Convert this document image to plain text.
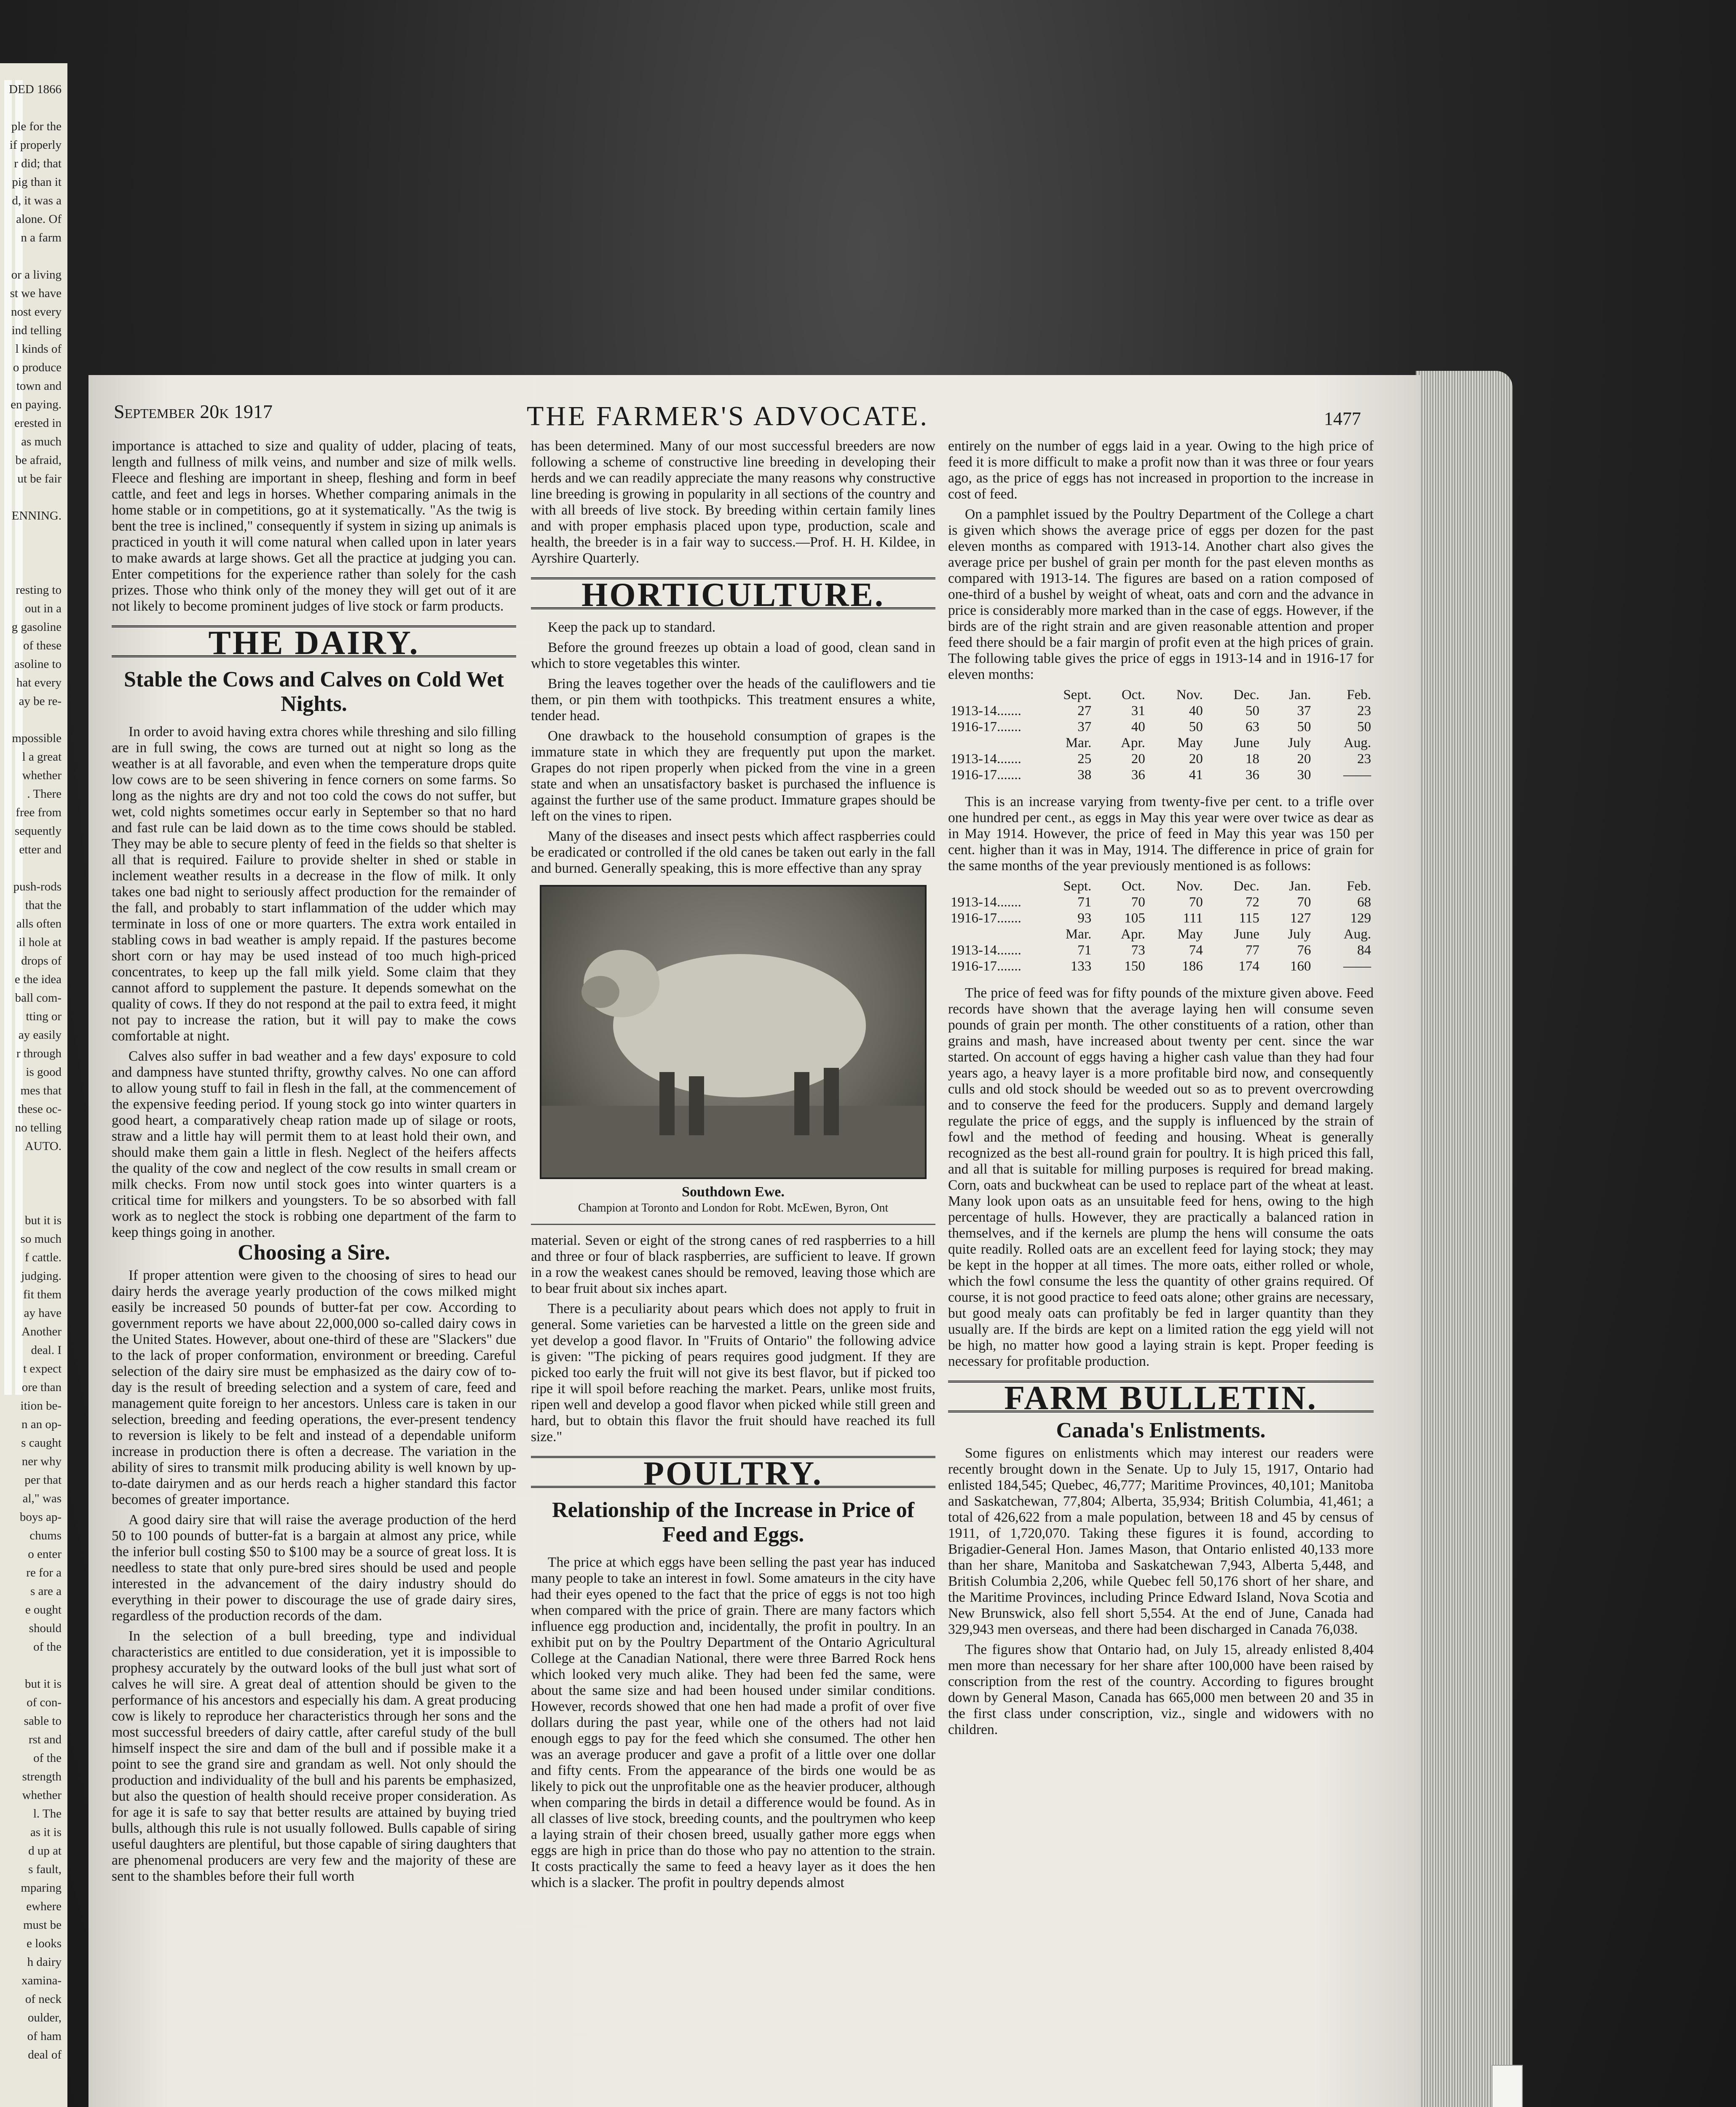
DED 1866

ple for the
if properly
r did; that
pig than it
d, it was a
alone. Of
n a farm

or a living
st we have
nost every
ind telling
l kinds of
o produce
town and
en paying.
erested in
as much
be afraid,
ut be fair

ENNING.

resting to
out in a
g gasoline
of these
asoline to
hat every
ay be re-

mpossible
l a great
whether
. There
free from
sequently
etter and

push-rods
that the
alls often
il hole at
drops of
e the idea
ball com-
tting or
ay easily
r through
is good
mes that
these oc-
no telling
AUTO.

but it is
so much
f cattle.
judging.
fit them
ay have
Another
deal. I
t expect
ore than
ition be-
n an op-
s caught
ner why
per that
al," was
boys ap-
chums
o enter
re for a
s are a
e ought
should
of the

but it is
of con-
sable to
rst and
of the
strength
whether
l. The
as it is
d up at
s fault,
mparing
ewhere
must be
e looks
h dairy
xamina-
of neck
oulder,
of ham
deal of
September 20k 1917	THE FARMER'S ADVOCATE.	1477

importance is attached to size and quality of udder, placing of teats, length and fullness of milk veins, and number and size of milk wells. Fleece and fleshing are important in sheep, fleshing and form in beef cattle, and feet and legs in horses. Whether comparing animals in the home stable or in competitions, go at it systematically. "As the twig is bent the tree is inclined," consequently if system in sizing up animals is practiced in youth it will come natural when called upon in later years to make awards at large shows. Get all the practice at judging you can. Enter competitions for the experience rather than solely for the cash prizes. Those who think only of the money they will get out of it are not likely to become prominent judges of live stock or farm products.

THE DAIRY.
Stable the Cows and Calves on Cold Wet Nights.

In order to avoid having extra chores while threshing and silo filling are in full swing, the cows are turned out at night so long as the weather is at all favorable, and even when the temperature drops quite low cows are to be seen shivering in fence corners on some farms. So long as the nights are dry and not too cold the cows do not suffer, but wet, cold nights sometimes occur early in September so that no hard and fast rule can be laid down as to the time cows should be stabled. They may be able to secure plenty of feed in the fields so that shelter is all that is required. Failure to provide shelter in shed or stable in inclement weather results in a decrease in the flow of milk. It only takes one bad night to seriously affect production for the remainder of the fall, and probably to start inflammation of the udder which may terminate in loss of one or more quarters. The extra work entailed in stabling cows in bad weather is amply repaid. If the pastures become short corn or hay may be used instead of too much high-priced concentrates, to keep up the fall milk yield. Some claim that they cannot afford to supplement the pasture. It depends somewhat on the quality of cows. If they do not respond at the pail to extra feed, it might not pay to increase the ration, but it will pay to make the cows comfortable at night.

Calves also suffer in bad weather and a few days' exposure to cold and dampness have stunted thrifty, growthy calves. No one can afford to allow young stuff to fail in flesh in the fall, at the commencement of the expensive feeding period. If young stock go into winter quarters in good heart, a comparatively cheap ration made up of silage or roots, straw and a little hay will permit them to at least hold their own, and should make them gain a little in flesh. Neglect of the heifers affects the quality of the cow and neglect of the cow results in small cream or milk checks. From now until stock goes into winter quarters is a critical time for milkers and youngsters. To be so absorbed with fall work as to neglect the stock is robbing one department of the farm to keep things going in another.

Choosing a Sire.

If proper attention were given to the choosing of sires to head our dairy herds the average yearly production of the cows milked might easily be increased 50 pounds of butter-fat per cow. According to government reports we have about 22,000,000 so-called dairy cows in the United States. However, about one-third of these are "Slackers" due to the lack of proper conformation, environment or breeding. Careful selection of the dairy sire must be emphasized as the dairy cow of to-day is the result of breeding selection and a system of care, feed and management quite foreign to her ancestors. Unless care is taken in our selection, breeding and feeding operations, the ever-present tendency to reversion is likely to be felt and instead of a dependable uniform increase in production there is often a decrease. The variation in the ability of sires to transmit milk producing ability is well known by up-to-date dairymen and as our herds reach a higher standard this factor becomes of greater importance.

A good dairy sire that will raise the average production of the herd 50 to 100 pounds of butter-fat is a bargain at almost any price, while the inferior bull costing $50 to $100 may be a source of great loss. It is needless to state that only pure-bred sires should be used and people interested in the advancement of the dairy industry should do everything in their power to discourage the use of grade dairy sires, regardless of the production records of the dam.

In the selection of a bull breeding, type and individual characteristics are entitled to due consideration, yet it is impossible to prophesy accurately by the outward looks of the bull just what sort of calves he will sire. A great deal of attention should be given to the performance of his ancestors and especially his dam. A great producing cow is likely to reproduce her characteristics through her sons and the most successful breeders of dairy cattle, after careful study of the bull himself inspect the sire and dam of the bull and if possible make it a point to see the grand sire and grandam as well. Not only should the production and individuality of the bull and his parents be emphasized, but also the question of health should receive proper consideration. As for age it is safe to say that better results are attained by buying tried bulls, although this rule is not usually followed. Bulls capable of siring useful daughters are plentiful, but those capable of siring daughters that are phenomenal producers are very few and the majority of these are sent to the shambles before their full worth

has been determined. Many of our most successful breeders are now following a scheme of constructive line breeding in developing their herds and we can readily appreciate the many reasons why constructive line breeding is growing in popularity in all sections of the country and with all breeds of live stock. By breeding within certain family lines and with proper emphasis placed upon type, production, scale and health, the breeder is in a fair way to success.—Prof. H. H. Kildee, in Ayrshire Quarterly.

HORTICULTURE.

Keep the pack up to standard.

Before the ground freezes up obtain a load of good, clean sand in which to store vegetables this winter.

Bring the leaves together over the heads of the cauliflowers and tie them, or pin them with toothpicks. This treatment ensures a white, tender head.

One drawback to the household consumption of grapes is the immature state in which they are frequently put upon the market. Grapes do not ripen properly when picked from the vine in a green state and when an unsatisfactory basket is purchased the influence is against the further use of the same product. Immature grapes should be left on the vines to ripen.

Many of the diseases and insect pests which affect raspberries could be eradicated or controlled if the old canes be taken out early in the fall and burned. Generally speaking, this is more effective than any spray

Southdown Ewe.
Champion at Toronto and London for Robt. McEwen, Byron, Ont

material. Seven or eight of the strong canes of red raspberries to a hill and three or four of black raspberries, are sufficient to leave. If grown in a row the weakest canes should be removed, leaving those which are to bear fruit about six inches apart.

There is a peculiarity about pears which does not apply to fruit in general. Some varieties can be harvested a little on the green side and yet develop a good flavor. In "Fruits of Ontario" the following advice is given: "The picking of pears requires good judgment. If they are picked too early the fruit will not give its best flavor, but if picked too ripe it will spoil before reaching the market. Pears, unlike most fruits, ripen well and develop a good flavor when picked while still green and hard, but to obtain this flavor the fruit should have reached its full size."

POULTRY.
Relationship of the Increase in Price of Feed and Eggs.

The price at which eggs have been selling the past year has induced many people to take an interest in fowl. Some amateurs in the city have had their eyes opened to the fact that the price of eggs is not too high when compared with the price of grain. There are many factors which influence egg production and, incidentally, the profit in poultry. In an exhibit put on by the Poultry Department of the Ontario Agricultural College at the Canadian National, there were three Barred Rock hens which looked very much alike. They had been fed the same, were about the same size and had been housed under similar conditions. However, records showed that one hen had made a profit of over five dollars during the past year, while one of the others had not laid enough eggs to pay for the feed which she consumed. The other hen was an average producer and gave a profit of a little over one dollar and fifty cents. From the appearance of the birds one would be as likely to pick out the unprofitable one as the heavier producer, although when comparing the birds in detail a difference would be found. As in all classes of live stock, breeding counts, and the poultrymen who keep a laying strain of their chosen breed, usually gather more eggs when eggs are high in price than do those who pay no attention to the strain. It costs practically the same to feed a heavy layer as it does the hen which is a slacker. The profit in poultry depends almost

entirely on the number of eggs laid in a year. Owing to the high price of feed it is more difficult to make a profit now than it was three or four years ago, as the price of eggs has not increased in proportion to the increase in cost of feed.

On a pamphlet issued by the Poultry Department of the College a chart is given which shows the average price of eggs per dozen for the past eleven months as compared with 1913-14. Another chart also gives the average price per bushel of grain per month for the past eleven months as compared with 1913-14. The figures are based on a ration composed of one-third of a bushel by weight of wheat, oats and corn and the advance in price is considerably more marked than in the case of eggs. However, if the birds are of the right strain and are given reasonable attention and proper feed there should be a fair margin of profit even at the high prices of grain. The following table gives the price of eggs in 1913-14 and in 1916-17 for eleven months:

	Sept.	Oct.	Nov.	Dec.	Jan.	Feb.
1913-14.......	27	31	40	50	37	23
1916-17.......	37	40	50	63	50	50
	Mar.	Apr.	May	June	July	Aug.
1913-14.......	25	20	20	18	20	23
1916-17.......	38	36	41	36	30	——

This is an increase varying from twenty-five per cent. to a trifle over one hundred per cent., as eggs in May this year were over twice as dear as in May 1914. However, the price of feed in May this year was 150 per cent. higher than it was in May, 1914. The difference in price of grain for the same months of the year previously mentioned is as follows:

	Sept.	Oct.	Nov.	Dec.	Jan.	Feb.
1913-14.......	71	70	70	72	70	68
1916-17.......	93	105	111	115	127	129
	Mar.	Apr.	May	June	July	Aug.
1913-14.......	71	73	74	77	76	84
1916-17.......	133	150	186	174	160	——

The price of feed was for fifty pounds of the mixture given above. Feed records have shown that the average laying hen will consume seven pounds of grain per month. The other constituents of a ration, other than grains and mash, have increased about twenty per cent. since the war started. On account of eggs having a higher cash value than they had four years ago, a heavy layer is a more profitable bird now, and consequently culls and old stock should be weeded out so as to prevent overcrowding and to conserve the feed for the producers. Supply and demand largely regulate the price of eggs, and the supply is influenced by the strain of fowl and the method of feeding and housing. Wheat is generally recognized as the best all-round grain for poultry. It is high priced this fall, and all that is suitable for milling purposes is required for bread making. Corn, oats and buckwheat can be used to replace part of the wheat at least. Many look upon oats as an unsuitable feed for hens, owing to the high percentage of hulls. However, they are practically a balanced ration in themselves, and if the kernels are plump the hens will consume the oats quite readily. Rolled oats are an excellent feed for laying stock; they may be kept in the hopper at all times. The more oats, either rolled or whole, which the fowl consume the less the quantity of other grains required. Of course, it is not good practice to feed oats alone; other grains are necessary, but good mealy oats can profitably be fed in larger quantity than they usually are. If the birds are kept on a limited ration the egg yield will not be high, no matter how good a laying strain is kept. Proper feeding is necessary for profitable production.

FARM BULLETIN.
Canada's Enlistments.

Some figures on enlistments which may interest our readers were recently brought down in the Senate. Up to July 15, 1917, Ontario had enlisted 184,545; Quebec, 46,777; Maritime Provinces, 40,101; Manitoba and Saskatchewan, 77,804; Alberta, 35,934; British Columbia, 41,461; a total of 426,622 from a male population, between 18 and 45 by census of 1911, of 1,720,070. Taking these figures it is found, according to Brigadier-General Hon. James Mason, that Ontario enlisted 40,133 more than her share, Manitoba and Saskatchewan 7,943, Alberta 5,448, and British Columbia 2,206, while Quebec fell 50,176 short of her share, and the Maritime Provinces, including Prince Edward Island, Nova Scotia and New Brunswick, also fell short 5,554. At the end of June, Canada had 329,943 men overseas, and there had been discharged in Canada 76,038.

The figures show that Ontario had, on July 15, already enlisted 8,404 men more than necessary for her share after 100,000 have been raised by conscription from the rest of the country. According to figures brought down by General Mason, Canada has 665,000 men between 20 and 35 in the first class under conscription, viz., single and widowers with no children.
